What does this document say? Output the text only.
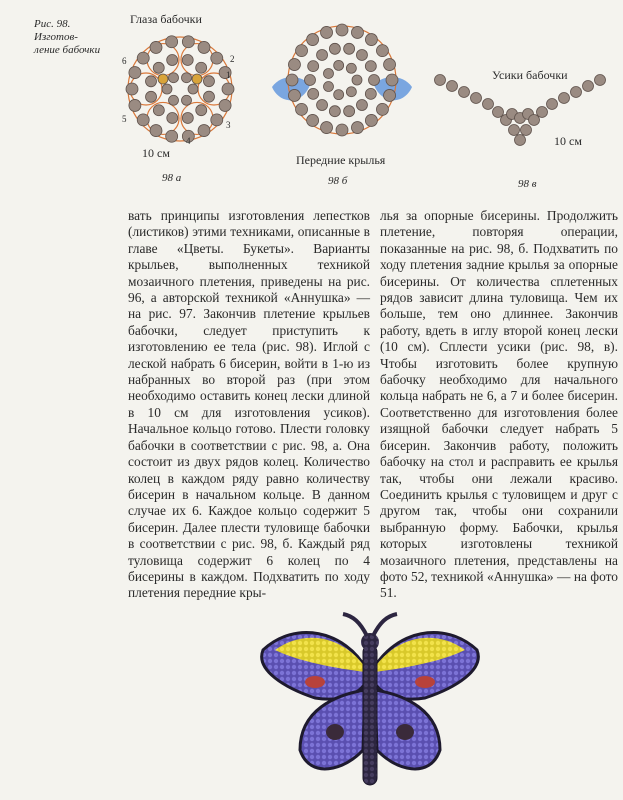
Рис. 98. Изготов-
ление бабочки
Глаза бабочки
1
2
3
4
5
6
10 см
98 а
Передние крылья
98 б
Усики бабочки
10 см
98 в

вать принципы изготовления лепестков (листиков) этими техниками, описанные в главе «Цветы. Букеты». Варианты крыльев, выполненных техникой мозаичного плетения, приведены на рис. 96, а авторской техникой «Аннушка» — на рис. 97. Закончив плетение крыльев бабочки, следует приступить к изготовлению ее тела (рис. 98). Иглой с леской набрать 6 бисерин, войти в 1-ю из набранных во второй раз (при этом необходимо оставить конец лески длиной в 10 см для изготовления усиков). Начальное кольцо готово. Плести головку бабочки в соответствии с рис. 98, а. Она состоит из двух рядов колец. Количество колец в каждом ряду равно количеству бисерин в начальном кольце. В данном случае их 6. Каждое кольцо содержит 5 бисерин. Далее плести туловище бабочки в соответствии с рис. 98, б. Каждый ряд туловища содержит 6 колец по 4 бисерины в каждом. Подхватить по ходу плетения передние кры-

лья за опорные бисерины. Продолжить плетение, повторяя операции, показанные на рис. 98, б. Подхватить по ходу плетения задние крылья за опорные бисерины. От количества сплетенных рядов зависит длина туловища. Чем их больше, тем оно длиннее. Закончив работу, вдеть в иглу второй конец лески (10 см). Сплести усики (рис. 98, в). Чтобы изготовить более крупную бабочку необходимо для начального кольца набрать не 6, а 7 и более бисерин. Соответственно для изготовления более изящной бабочки следует набрать 5 бисерин. Закончив работу, положить бабочку на стол и расправить ее крылья так, чтобы они лежали красиво. Соединить крылья с туловищем и друг с другом так, чтобы они сохранили выбранную форму. Бабочки, крылья которых изготовлены техникой мозаичного плетения, представлены на фото 52, техникой «Аннушка» — на фото 51.
